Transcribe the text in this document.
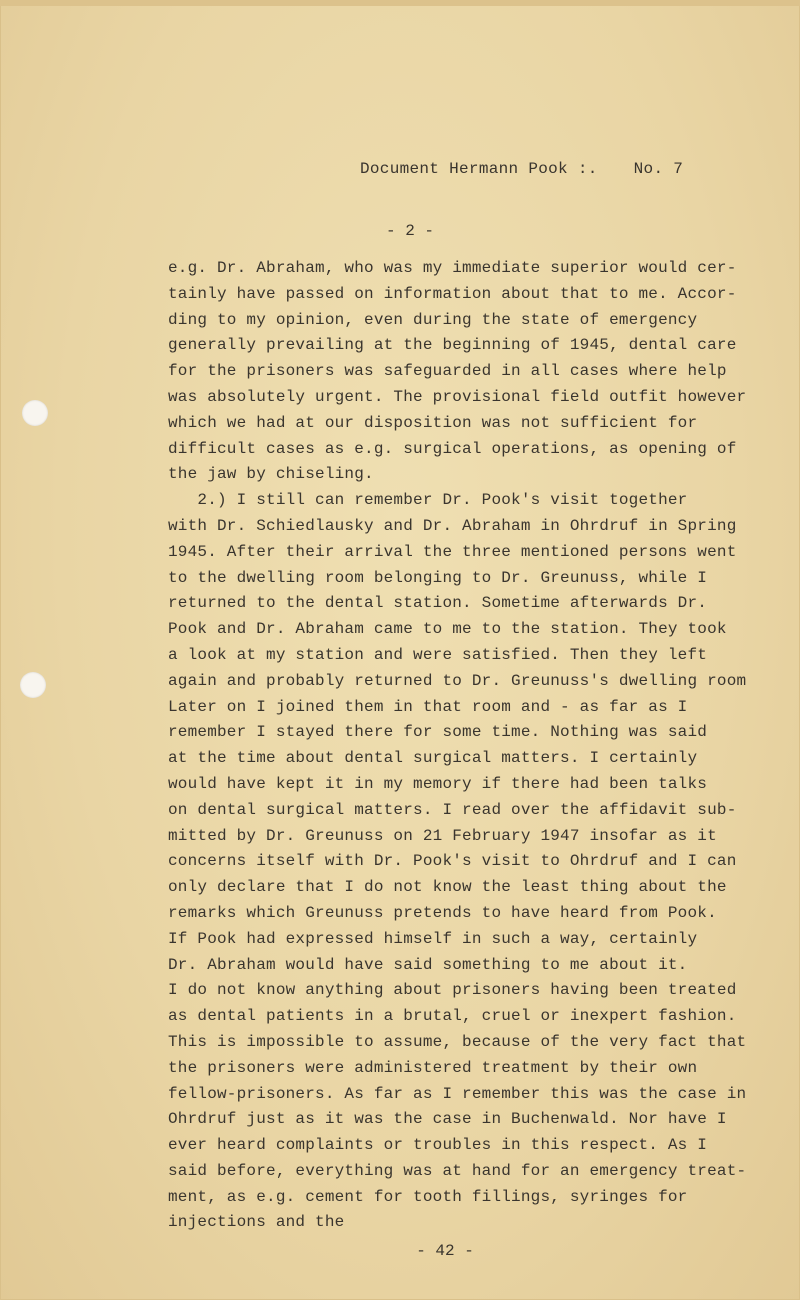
Document Hermann Pook :. No. 7
- 2 -
e.g. Dr. Abraham, who was my immediate superior would cer-
tainly have passed on information about that to me. Accor-
ding to my opinion, even during the state of emergency
generally prevailing at the beginning of 1945, dental care
for the prisoners was safeguarded in all cases where help
was absolutely urgent. The provisional field outfit however
which we had at our disposition was not sufficient for
difficult cases as e.g. surgical operations, as opening of
the jaw by chiseling.
2.) I still can remember Dr. Pook's visit together
with Dr. Schiedlausky and Dr. Abraham in Ohrdruf in Spring
1945. After their arrival the three mentioned persons went
to the dwelling room belonging to Dr. Greunuss, while I
returned to the dental station. Sometime afterwards Dr.
Pook and Dr. Abraham came to me to the station. They took
a look at my station and were satisfied. Then they left
again and probably returned to Dr. Greunuss's dwelling room
Later on I joined them in that room and - as far as I
remember I stayed there for some time. Nothing was said
at the time about dental surgical matters. I certainly
would have kept it in my memory if there had been talks
on dental surgical matters. I read over the affidavit sub-
mitted by Dr. Greunuss on 21 February 1947 insofar as it
concerns itself with Dr. Pook's visit to Ohrdruf and I can
only declare that I do not know the least thing about the
remarks which Greunuss pretends to have heard from Pook.
If Pook had expressed himself in such a way, certainly
Dr. Abraham would have said something to me about it.
I do not know anything about prisoners having been treated
as dental patients in a brutal, cruel or inexpert fashion.
This is impossible to assume, because of the very fact that
the prisoners were administered treatment by their own
fellow-prisoners. As far as I remember this was the case in
Ohrdruf just as it was the case in Buchenwald. Nor have I
ever heard complaints or troubles in this respect. As I
said before, everything was at hand for an emergency treat-
ment, as e.g. cement for tooth fillings, syringes for
injections and the
- 42 -
